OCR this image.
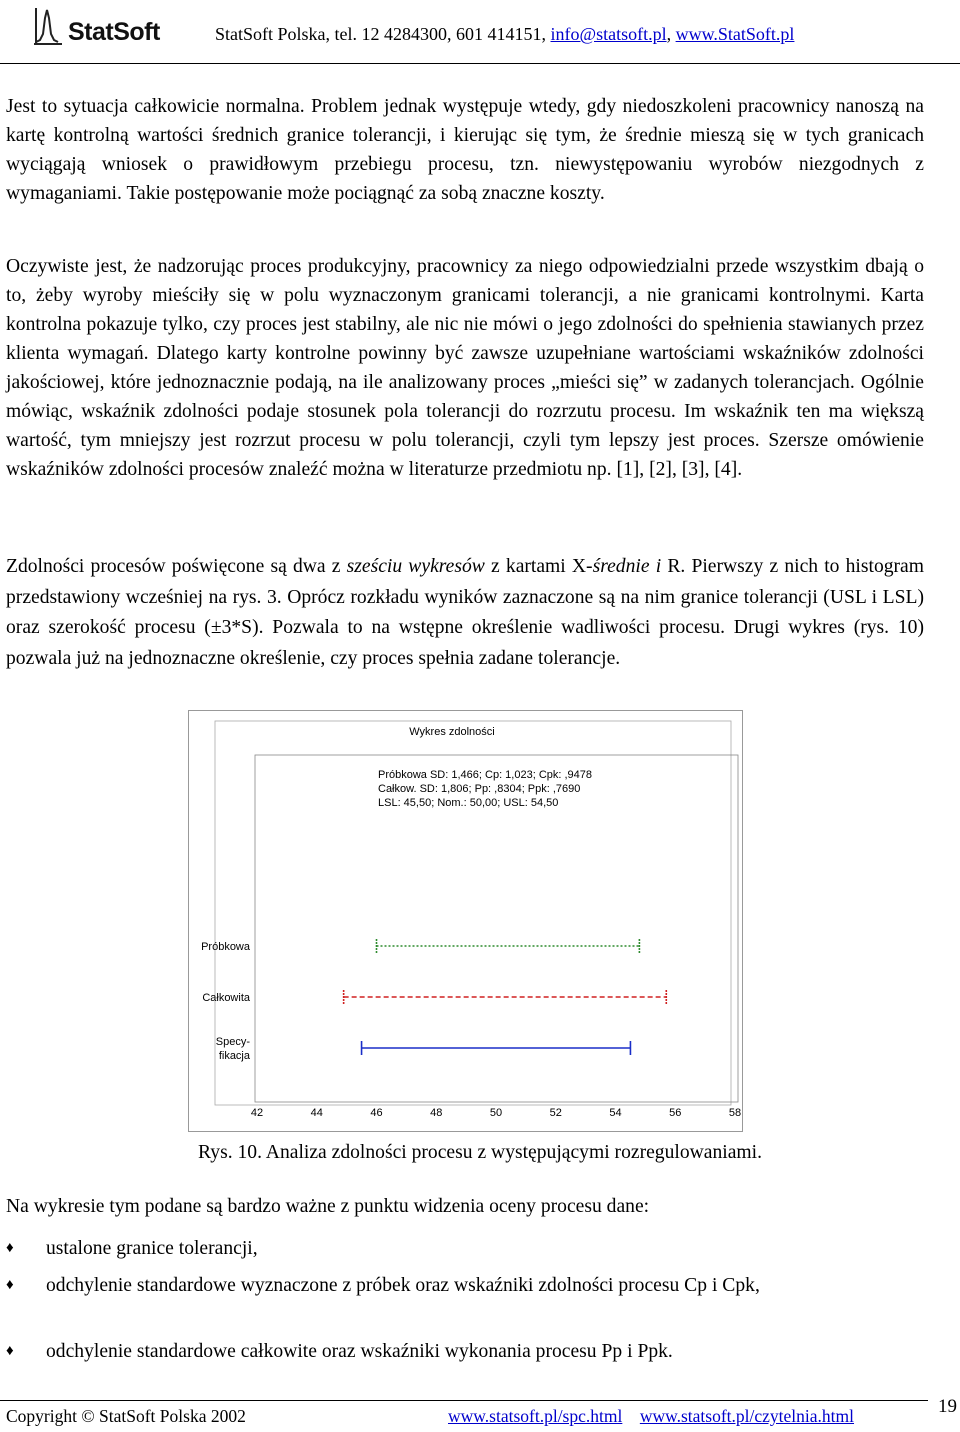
StatSoft	StatSoft Polska, tel. 12 4284300, 601 414151, info@statsoft.pl, www.StatSoft.pl
Jest to sytuacja całkowicie normalna. Problem jednak występuje wtedy, gdy niedoszkoleni pracownicy nanoszą na kartę kontrolną wartości średnich granice tolerancji, i kierując się tym, że średnie mieszą się w tych granicach wyciągają wniosek o prawidłowym przebiegu procesu, tzn. niewystępowaniu wyrobów niezgodnych z wymaganiami. Takie postępowanie może pociągnąć za sobą znaczne koszty.
Oczywiste jest, że nadzorując proces produkcyjny, pracownicy za niego odpowiedzialni przede wszystkim dbają o to, żeby wyroby mieściły się w polu wyznaczonym granicami tolerancji, a nie granicami kontrolnymi. Karta kontrolna pokazuje tylko, czy proces jest stabilny, ale nic nie mówi o jego zdolności do spełnienia stawianych przez klienta wymagań. Dlatego karty kontrolne powinny być zawsze uzupełniane wartościami wskaźników zdolności jakościowej, które jednoznacznie podają, na ile analizowany proces „mieści się” w zadanych tolerancjach. Ogólnie mówiąc, wskaźnik zdolności podaje stosunek pola tolerancji do rozrzutu procesu. Im wskaźnik ten ma większą wartość, tym mniejszy jest rozrzut procesu w polu tolerancji, czyli tym lepszy jest proces. Szersze omówienie wskaźników zdolności procesów znaleźć można w literaturze przedmiotu np. [1], [2], [3], [4].
Zdolności procesów poświęcone są dwa z sześciu wykresów z kartami X-średnie i R. Pierwszy z nich to histogram przedstawiony wcześniej na rys. 3. Oprócz rozkładu wyników zaznaczone są na nim granice tolerancji (USL i LSL) oraz szerokość procesu (±3*S). Pozwala to na wstępne określenie wadliwości procesu. Drugi wykres (rys. 10) pozwala już na jednoznaczne określenie, czy proces spełnia zadane tolerancje.
Wykres zdolności
Próbkowa SD: 1,466; Cp: 1,023; Cpk: ,9478
Całkow. SD: 1,806; Pp: ,8304; Ppk: ,7690
LSL: 45,50; Nom.: 50,00; USL: 54,50
Próbkowa
Całkowita
Specy-
fikacja
42	44	46	48	50	52	54	56	58
Rys. 10. Analiza zdolności procesu z występującymi rozregulowaniami.
Na wykresie tym podane są bardzo ważne z punktu widzenia oceny procesu dane:
♦ ustalone granice tolerancji,
♦ odchylenie standardowe wyznaczone z próbek oraz wskaźniki zdolności procesu Cp i Cpk,
♦ odchylenie standardowe całkowite oraz wskaźniki wykonania procesu Pp i Ppk.
Copyright © StatSoft Polska 2002	www.statsoft.pl/spc.html www.statsoft.pl/czytelnia.html	19
